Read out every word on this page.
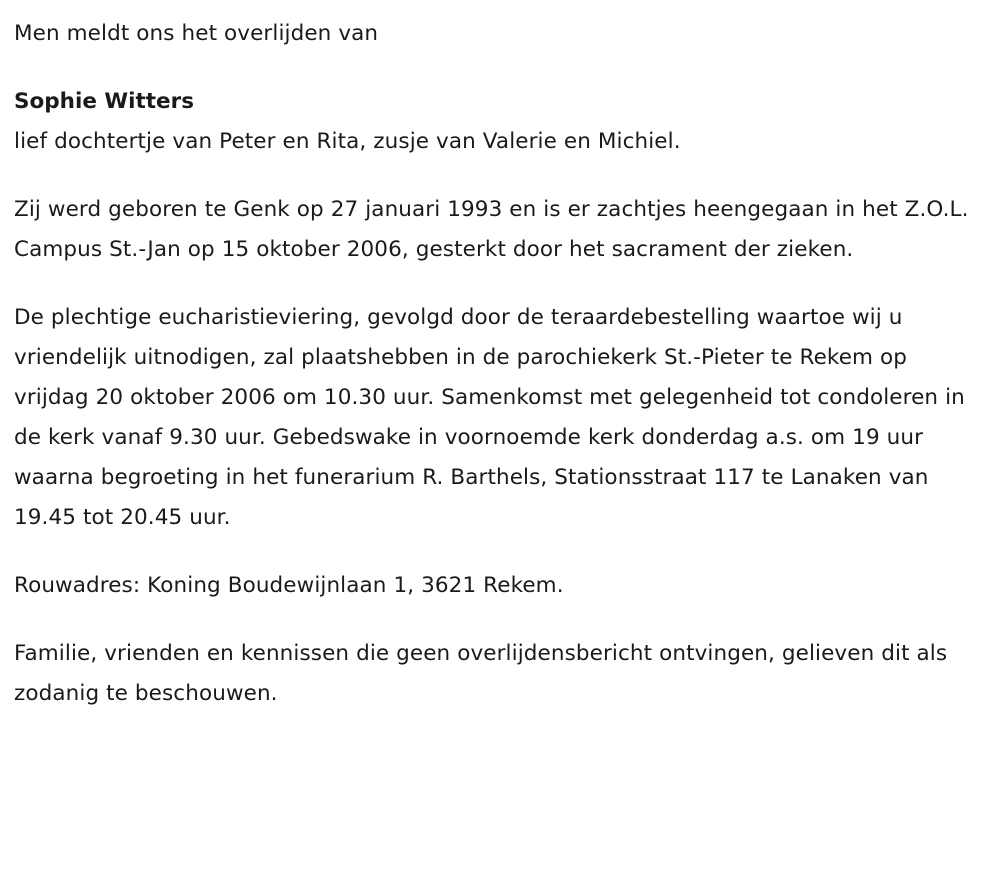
Men meldt ons het overlijden van

Sophie Witters

lief dochtertje van Peter en Rita, zusje van Valerie en Michiel.

Zij werd geboren te Genk op 27 januari 1993 en is er zachtjes heengegaan in het Z.O.L. Campus St.-Jan op 15 oktober 2006, gesterkt door het sacrament der zieken.

De plechtige eucharistieviering, gevolgd door de teraardebestelling waartoe wij u vriendelijk uitnodigen, zal plaatshebben in de parochiekerk St.-Pieter te Rekem op vrijdag 20 oktober 2006 om 10.30 uur. Samenkomst met gelegenheid tot condoleren in de kerk vanaf 9.30 uur. Gebedswake in voornoemde kerk donderdag a.s. om 19 uur waarna begroeting in het funerarium R. Barthels, Stationsstraat 117 te Lanaken van 19.45 tot 20.45 uur.

Rouwadres: Koning Boudewijnlaan 1, 3621 Rekem.

Familie, vrienden en kennissen die geen overlijdensbericht ontvingen, gelieven dit als zodanig te beschouwen.
